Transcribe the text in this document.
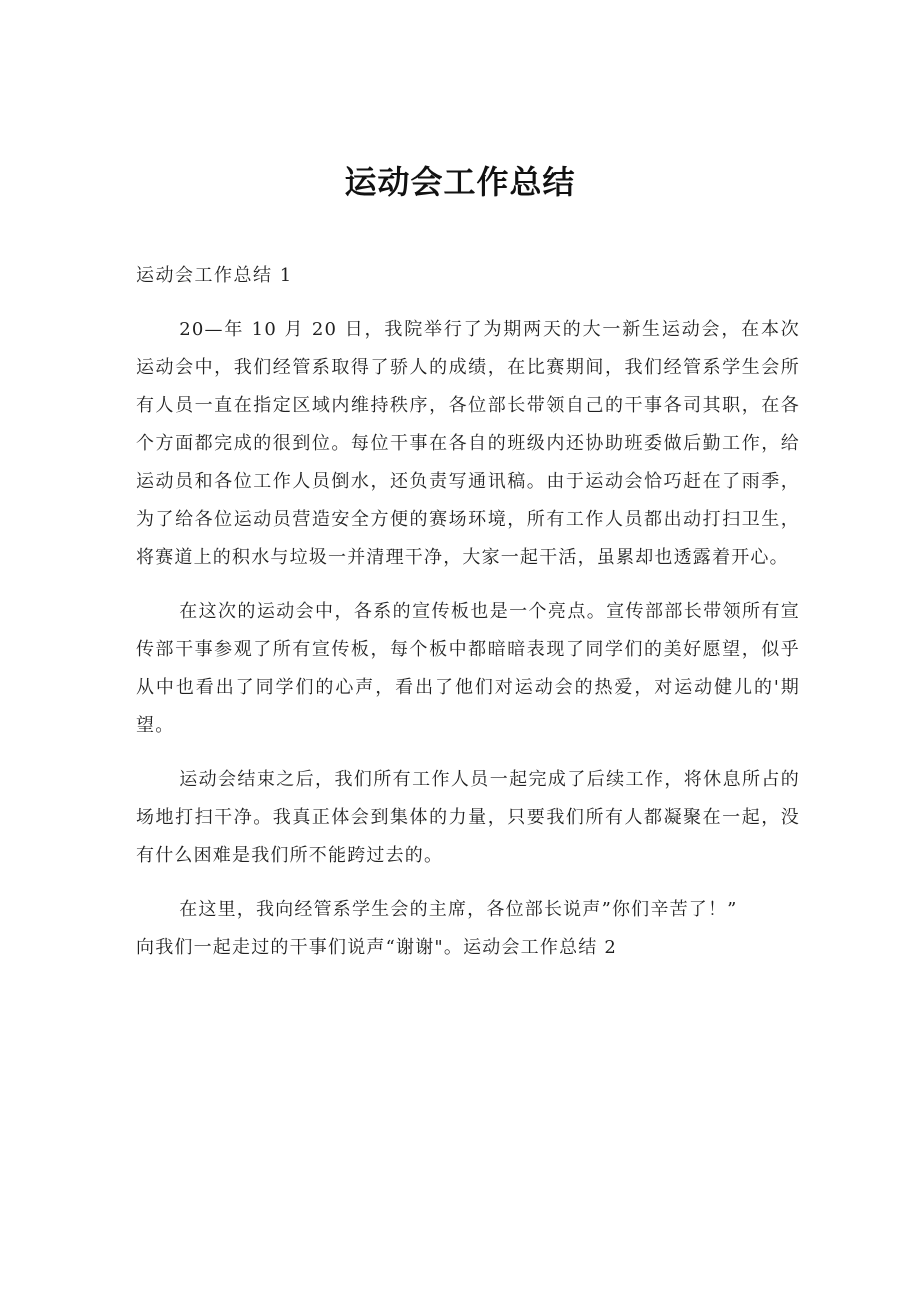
运动会工作总结

运动会工作总结 1

20—年 10 月 20 日，我院举行了为期两天的大一新生运动会，在本次运动会中，我们经管系取得了骄人的成绩，在比赛期间，我们经管系学生会所有人员一直在指定区域内维持秩序，各位部长带领自己的干事各司其职，在各个方面都完成的很到位。每位干事在各自的班级内还协助班委做后勤工作，给运动员和各位工作人员倒水，还负责写通讯稿。由于运动会恰巧赶在了雨季，为了给各位运动员营造安全方便的赛场环境，所有工作人员都出动打扫卫生，将赛道上的积水与垃圾一并清理干净，大家一起干活，虽累却也透露着开心。

在这次的运动会中，各系的宣传板也是一个亮点。宣传部部长带领所有宣传部干事参观了所有宣传板，每个板中都暗暗表现了同学们的美好愿望，似乎从中也看出了同学们的心声，看出了他们对运动会的热爱，对运动健儿的'期望。

运动会结束之后，我们所有工作人员一起完成了后续工作，将休息所占的场地打扫干净。我真正体会到集体的力量，只要我们所有人都凝聚在一起，没有什么困难是我们所不能跨过去的。

在这里，我向经管系学生会的主席，各位部长说声”你们辛苦了！”

向我们一起走过的干事们说声“谢谢"。运动会工作总结 2
